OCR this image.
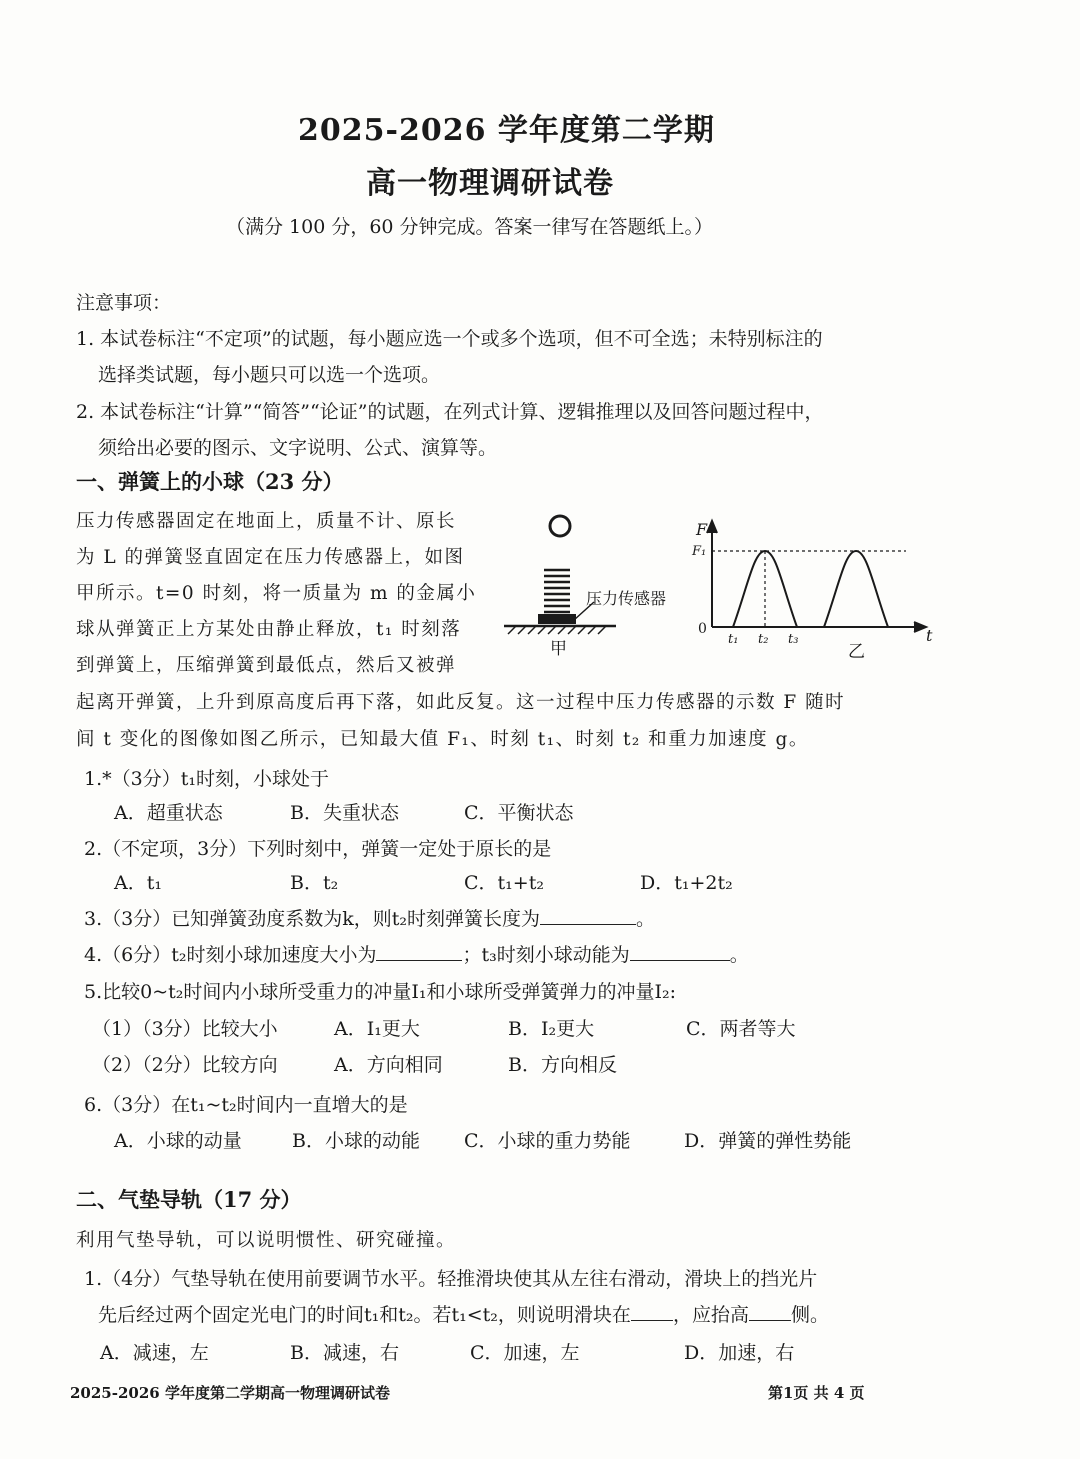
2025-2026 学年度第二学期
高一物理调研试卷
（满分 100 分，60 分钟完成。答案一律写在答题纸上。）
注意事项：
1. 本试卷标注“不定项”的试题，每小题应选一个或多个选项，但不可全选；未特别标注的
选择类试题，每小题只可以选一个选项。
2. 本试卷标注“计算”“简答”“论证”的试题，在列式计算、逻辑推理以及回答问题过程中，
须给出必要的图示、文字说明、公式、演算等。
一、弹簧上的小球（23 分）
压力传感器固定在地面上，质量不计、原长
为 L 的弹簧竖直固定在压力传感器上，如图
甲所示。t=0 时刻，将一质量为 m 的金属小
球从弹簧正上方某处由静止释放，t₁ 时刻落
到弹簧上，压缩弹簧到最低点，然后又被弹
起离开弹簧，上升到原高度后再下落，如此反复。这一过程中压力传感器的示数 F 随时
间 t 变化的图像如图乙所示，已知最大值 F₁、时刻 t₁、时刻 t₂ 和重力加速度 g。
压力传感器
甲
F
F₁
0	t
t₁ t₂ t₃
乙
1.*（3分）t₁时刻，小球处于
A．超重状态	B．失重状态	C．平衡状态
2.（不定项，3分）下列时刻中，弹簧一定处于原长的是
A．t₁	B．t₂	C．t₁+t₂	D．t₁+2t₂
3.（3分）已知弹簧劲度系数为k，则t₂时刻弹簧长度为	。
4.（6分）t₂时刻小球加速度大小为	；t₃时刻小球动能为	。
5.比较0~t₂时间内小球所受重力的冲量I₁和小球所受弹簧弹力的冲量I₂:
（1）（3分）比较大小	A．I₁更大	B．I₂更大	C．两者等大
（2）（2分）比较方向	A．方向相同	B．方向相反
6.（3分）在t₁~t₂时间内一直增大的是
A．小球的动量	B．小球的动能 C．小球的重力势能	D．弹簧的弹性势能
二、气垫导轨（17 分）
利用气垫导轨，可以说明惯性、研究碰撞。
1.（4分）气垫导轨在使用前要调节水平。轻推滑块使其从左往右滑动，滑块上的挡光片
先后经过两个固定光电门的时间t₁和t₂。若t₁<t₂，则说明滑块在 ，应抬高 侧。
A．减速，左	B．减速，右	C．加速，左	D．加速，右
2025-2026 学年度第二学期高一物理调研试卷	第1页 共 4 页
